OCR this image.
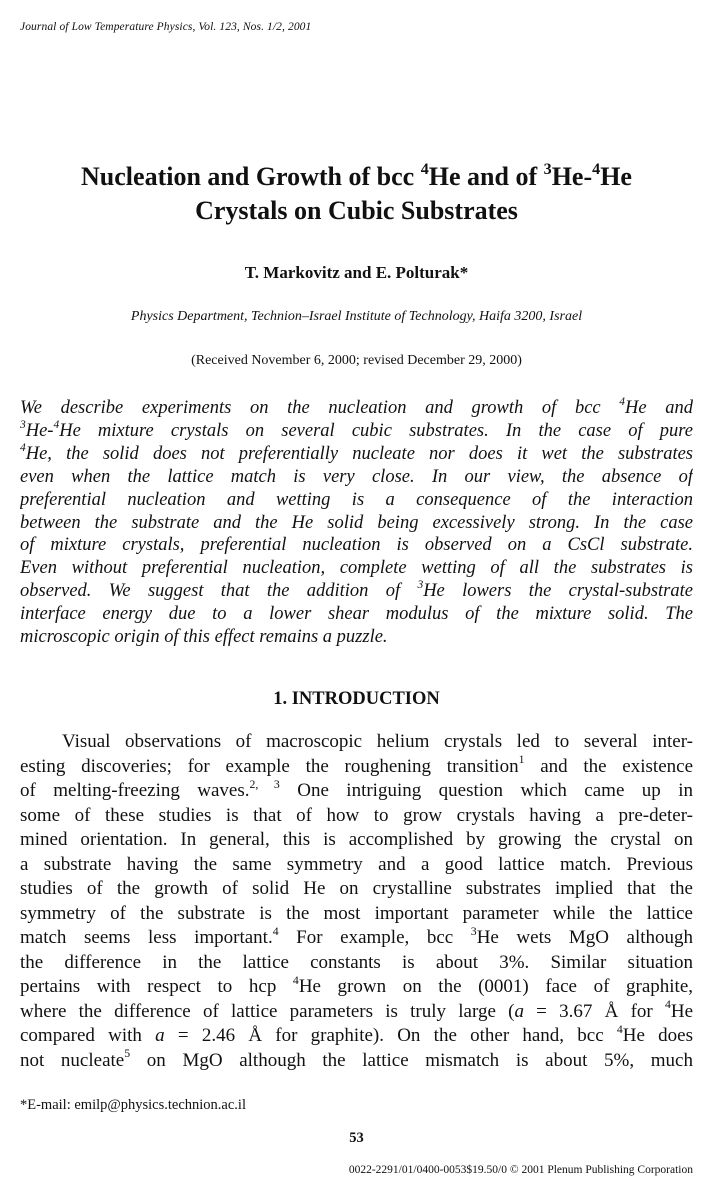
Journal of Low Temperature Physics, Vol. 123, Nos. 1/2, 2001
Nucleation and Growth of bcc $^4$He and of $^3$He-$^4$He
Crystals on Cubic Substrates
T. Markovitz and E. Polturak*
Physics Department, Technion–Israel Institute of Technology, Haifa 3200, Israel
(Received November 6, 2000; revised December 29, 2000)
We describe experiments on the nucleation and growth of bcc $^4$He and
$^3$He-$^4$He mixture crystals on several cubic substrates. In the case of pure
$^4$He, the solid does not preferentially nucleate nor does it wet the substrates
even when the lattice match is very close. In our view, the absence of
preferential nucleation and wetting is a consequence of the interaction
between the substrate and the He solid being excessively strong. In the case
of mixture crystals, preferential nucleation is observed on a CsCl substrate.
Even without preferential nucleation, complete wetting of all the substrates is
observed. We suggest that the addition of $^3$He lowers the crystal-substrate
interface energy due to a lower shear modulus of the mixture solid. The
microscopic origin of this effect remains a puzzle.
1. INTRODUCTION
Visual observations of macroscopic helium crystals led to several inter-
esting discoveries; for example the roughening transition$^1$ and the existence
of melting-freezing waves.$^{2, 3}$ One intriguing question which came up in
some of these studies is that of how to grow crystals having a pre-deter-
mined orientation. In general, this is accomplished by growing the crystal on
a substrate having the same symmetry and a good lattice match. Previous
studies of the growth of solid He on crystalline substrates implied that the
symmetry of the substrate is the most important parameter while the lattice
match seems less important.$^4$ For example, bcc $^3$He wets MgO although
the difference in the lattice constants is about 3%. Similar situation
pertains with respect to hcp $^4$He grown on the (0001) face of graphite,
where the difference of lattice parameters is truly large (a = 3.67 Å for $^4$He
compared with a = 2.46 Å for graphite). On the other hand, bcc $^4$He does
not nucleate$^5$ on MgO although the lattice mismatch is about 5%, much
*E-mail: emilp@physics.technion.ac.il
53
0022-2291/01/0400-0053$19.50/0 © 2001 Plenum Publishing Corporation
